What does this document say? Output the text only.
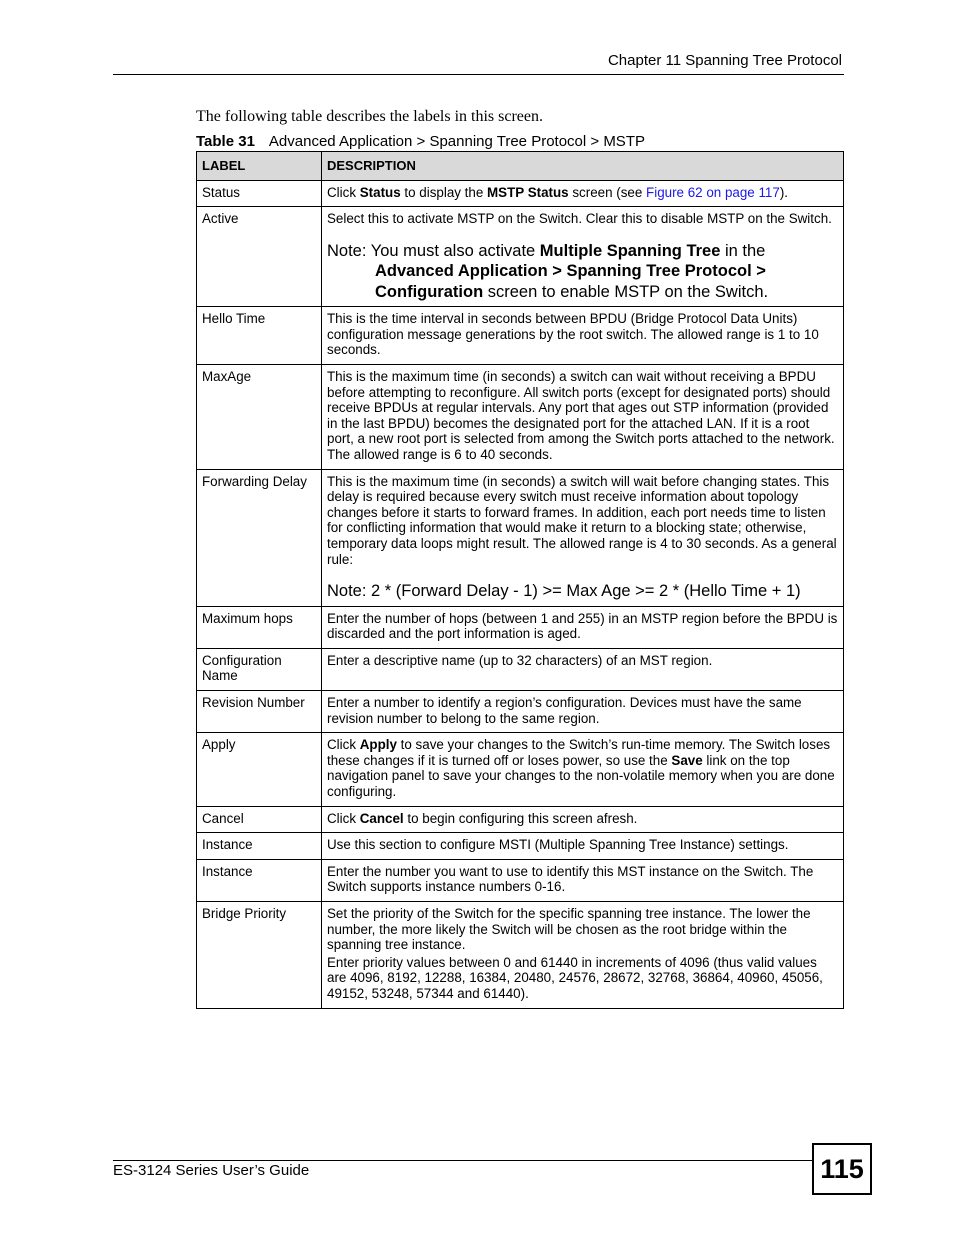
Chapter 11 Spanning Tree Protocol
The following table describes the labels in this screen.
Table 31 Advanced Application > Spanning Tree Protocol > MSTP
LABEL	DESCRIPTION
Status	Click Status to display the MSTP Status screen (see Figure 62 on page 117).
Active	Select this to activate MSTP on the Switch. Clear this to disable MSTP on the Switch.
Note: You must also activate Multiple Spanning Tree in the Advanced Application > Spanning Tree Protocol > Configuration screen to enable MSTP on the Switch.

Hello Time	This is the time interval in seconds between BPDU (Bridge Protocol Data Units) configuration message generations by the root switch. The allowed range is 1 to 10 seconds.
MaxAge	This is the maximum time (in seconds) a switch can wait without receiving a BPDU before attempting to reconfigure. All switch ports (except for designated ports) should receive BPDUs at regular intervals. Any port that ages out STP information (provided in the last BPDU) becomes the designated port for the attached LAN. If it is a root port, a new root port is selected from among the Switch ports attached to the network. The allowed range is 6 to 40 seconds.
Forwarding Delay	This is the maximum time (in seconds) a switch will wait before changing states. This delay is required because every switch must receive information about topology changes before it starts to forward frames. In addition, each port needs time to listen for conflicting information that would make it return to a blocking state; otherwise, temporary data loops might result. The allowed range is 4 to 30 seconds. As a general rule:
Note: 2 * (Forward Delay - 1) >= Max Age >= 2 * (Hello Time + 1)

Maximum hops	Enter the number of hops (between 1 and 255) in an MSTP region before the BPDU is discarded and the port information is aged.
Configuration Name	Enter a descriptive name (up to 32 characters) of an MST region.
Revision Number	Enter a number to identify a region’s configuration. Devices must have the same revision number to belong to the same region.
Apply	Click Apply to save your changes to the Switch’s run-time memory. The Switch loses these changes if it is turned off or loses power, so use the Save link on the top navigation panel to save your changes to the non-volatile memory when you are done configuring.
Cancel	Click Cancel to begin configuring this screen afresh.
Instance	Use this section to configure MSTI (Multiple Spanning Tree Instance) settings.
Instance	Enter the number you want to use to identify this MST instance on the Switch. The Switch supports instance numbers 0-16.
Bridge Priority	Set the priority of the Switch for the specific spanning tree instance. The lower the number, the more likely the Switch will be chosen as the root bridge within the spanning tree instance.
Enter priority values between 0 and 61440 in increments of 4096 (thus valid values are 4096, 8192, 12288, 16384, 20480, 24576, 28672, 32768, 36864, 40960, 45056, 49152, 53248, 57344 and 61440).
ES-3124 Series User’s Guide	115
